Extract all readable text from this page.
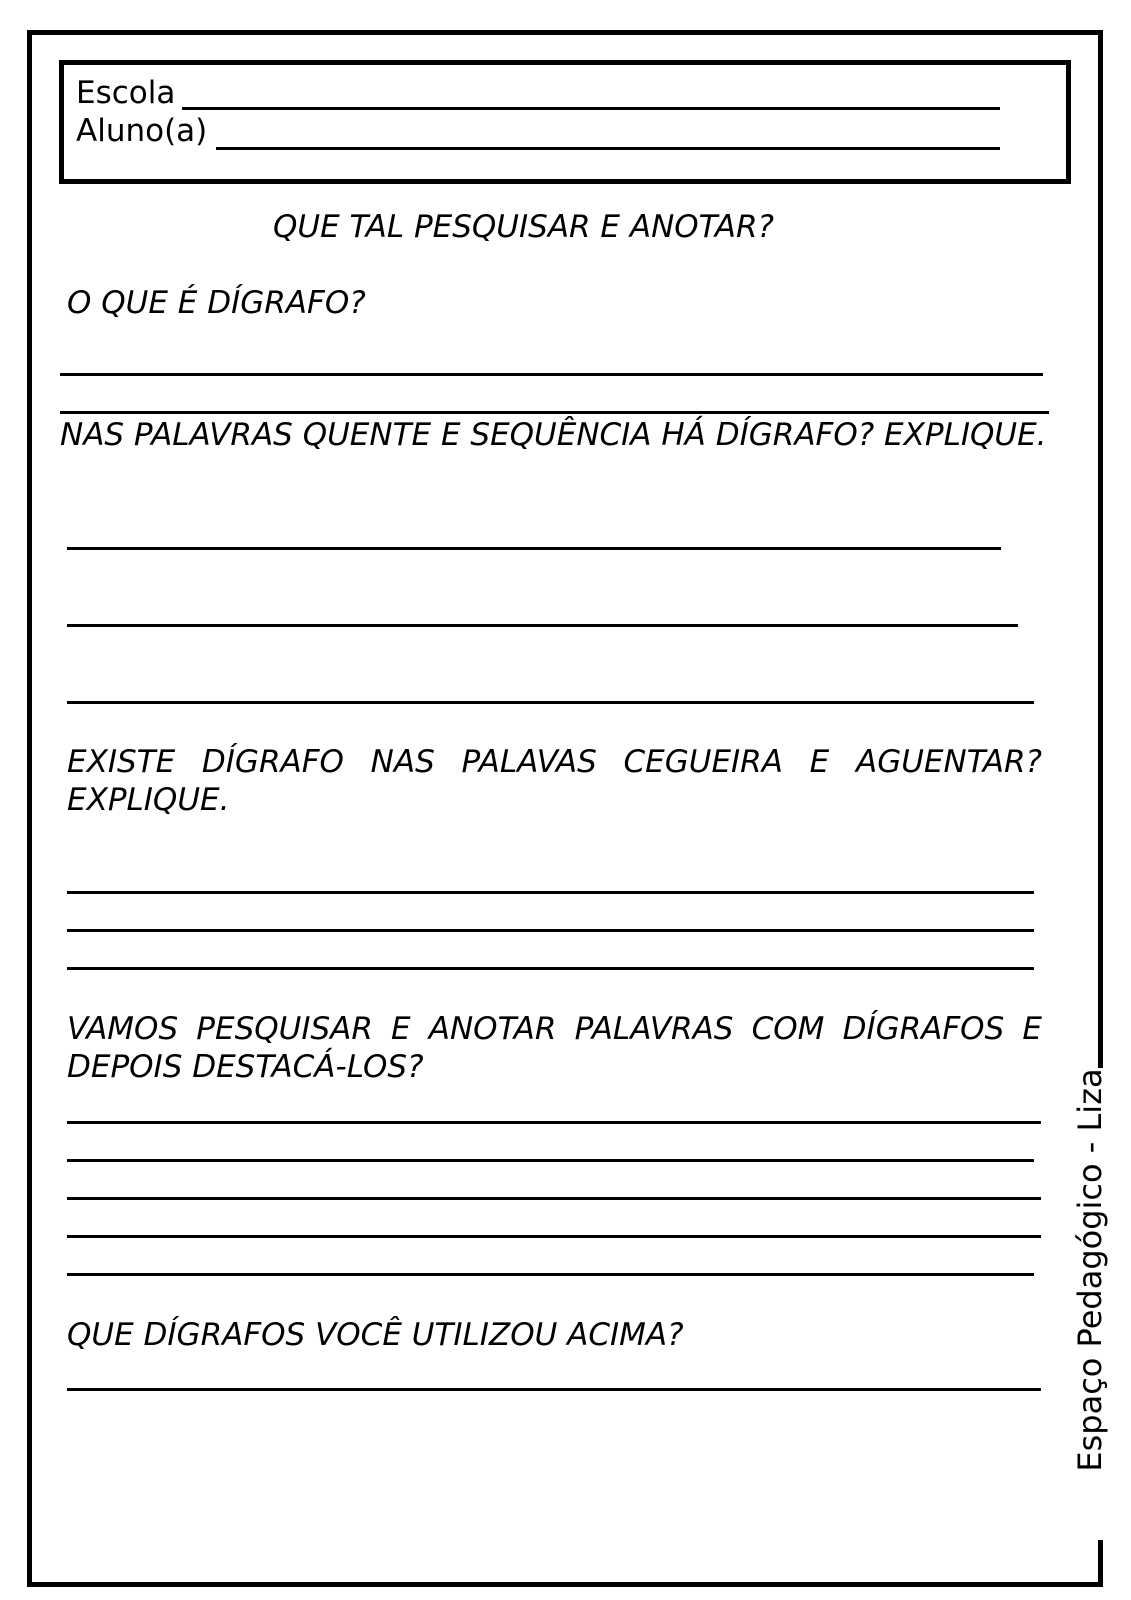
Escola
Aluno(a)
QUE TAL PESQUISAR E ANOTAR?
O QUE É DÍGRAFO?
NAS PALAVRAS QUENTE E SEQUÊNCIA HÁ DÍGRAFO? EXPLIQUE.
EXISTE DÍGRAFO NAS PALAVAS CEGUEIRA E AGUENTAR? EXPLIQUE.
VAMOS PESQUISAR E ANOTAR PALAVRAS COM DÍGRAFOS E DEPOIS DESTACÁ-LOS?
QUE DÍGRAFOS VOCÊ UTILIZOU ACIMA?	Espaço Pedagógico - Liza
